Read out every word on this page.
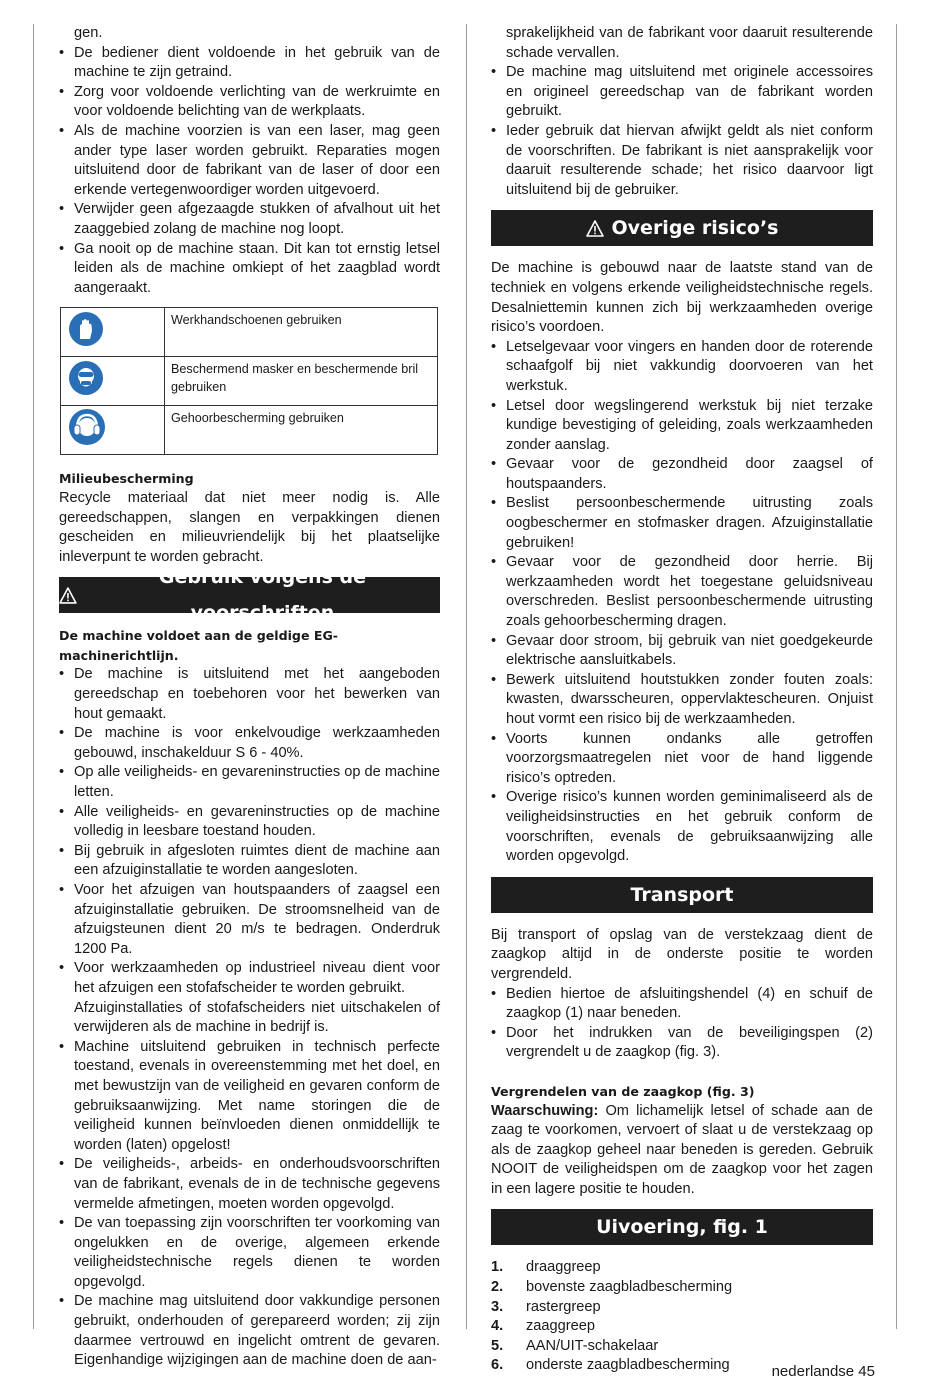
gen.
• De bediener dient voldoende in het gebruik van de machine te zijn getraind.
• Zorg voor voldoende verlichting van de werkruimte en voor voldoende belichting van de werkplaats.
• Als de machine voorzien is van een laser, mag geen ander type laser worden gebruikt. Reparaties mogen uitsluitend door de fabrikant van de laser of door een erkende vertegenwoordiger worden uitgevoerd.
• Verwijder geen afgezaagde stukken of afvalhout uit het zaaggebied zolang de machine nog loopt.
• Ga nooit op de machine staan. Dit kan tot ernstig letsel leiden als de machine omkiept of het zaagblad wordt aangeraakt.
	Werkhandschoenen gebruiken
	Beschermend masker en beschermende bril gebruiken
	Gehoorbescherming gebruiken
Milieubescherming

Recycle materiaal dat niet meer nodig is. Alle gereedschappen, slangen en verpakkingen dienen gescheiden en milieuvriendelijk bij het plaatselijke inleverpunt te worden gebracht.

Gebruik volgens de voorschriften
De machine voldoet aan de geldige EG-machinerichtlijn.
• De machine is uitsluitend met het aangeboden gereedschap en toebehoren voor het bewerken van hout gemaakt.
• De machine is voor enkelvoudige werkzaamheden gebouwd, inschakelduur S 6 - 40%.
• Op alle veiligheids- en gevareninstructies op de machine letten.
• Alle veiligheids- en gevareninstructies op de machine volledig in leesbare toestand houden.
• Bij gebruik in afgesloten ruimtes dient de machine aan een afzuiginstallatie te worden aangesloten.
• Voor het afzuigen van houtspaanders of zaagsel een afzuiginstallatie gebruiken. De stroomsnelheid van de afzuigsteunen dient 20 m/s te bedragen. Onderdruk 1200 Pa.
• Voor werkzaamheden op industrieel niveau dient voor het afzuigen een stofafscheider te worden gebruikt.
Afzuiginstallaties of stofafscheiders niet uitschakelen of verwijderen als de machine in bedrijf is.
• Machine uitsluitend gebruiken in technisch perfecte toestand, evenals in overeenstemming met het doel, en met bewustzijn van de veiligheid en gevaren conform de gebruiksaanwijzing. Met name storingen die de veiligheid kunnen beïnvloeden dienen onmiddellijk te worden (laten) opgelost!
• De veiligheids-, arbeids- en onderhoudsvoorschriften van de fabrikant, evenals de in de technische gegevens vermelde afmetingen, moeten worden opgevolgd.
• De van toepassing zijn voorschriften ter voorkoming van ongelukken en de overige, algemeen erkende veiligheidstechnische regels dienen te worden opgevolgd.
• De machine mag uitsluitend door vakkundige personen gebruikt, onderhouden of gerepareerd worden; zij zijn daarmee vertrouwd en ingelicht omtrent de gevaren. Eigenhandige wijzigingen aan de machine doen de aan-
sprakelijkheid van de fabrikant voor daaruit resulterende schade vervallen.
• De machine mag uitsluitend met originele accessoires en origineel gereedschap van de fabrikant worden gebruikt.
• Ieder gebruik dat hiervan afwijkt geldt als niet conform de voorschriften. De fabrikant is niet aansprakelijk voor daaruit resulterende schade; het risico daarvoor ligt uitsluitend bij de gebruiker.
Overige risico’s

De machine is gebouwd naar de laatste stand van de techniek en volgens erkende veiligheidstechnische regels. Desalniettemin kunnen zich bij werkzaamheden overige risico’s voordoen.

• Letselgevaar voor vingers en handen door de roterende schaafgolf bij niet vakkundig doorvoeren van het werkstuk.
• Letsel door wegslingerend werkstuk bij niet terzake kundige bevestiging of geleiding, zoals werkzaamheden zonder aanslag.
• Gevaar voor de gezondheid door zaagsel of houtspaanders.
• Beslist persoonbeschermende uitrusting zoals oogbeschermer en stofmasker dragen. Afzuiginstallatie gebruiken!
• Gevaar voor de gezondheid door herrie. Bij werkzaamheden wordt het toegestane geluidsniveau overschreden. Beslist persoonbeschermende uitrusting zoals gehoorbescherming dragen.
• Gevaar door stroom, bij gebruik van niet goedgekeurde elektrische aansluitkabels.
• Bewerk uitsluitend houtstukken zonder fouten zoals: kwasten, dwarsscheuren, oppervlaktescheuren. Onjuist hout vormt een risico bij de werkzaamheden.
• Voorts kunnen ondanks alle getroffen voorzorgsmaatregelen niet voor de hand liggende risico’s optreden.
• Overige risico’s kunnen worden geminimaliseerd als de veiligheidsinstructies en het gebruik conform de voorschriften, evenals de gebruiksaanwijzing alle worden opgevolgd.
Transport

Bij transport of opslag van de verstekzaag dient de zaagkop altijd in de onderste positie te worden vergrendeld.

• Bedien hiertoe de afsluitingshendel (4) en schuif de zaagkop (1) naar beneden.
• Door het indrukken van de beveiligingspen (2) vergrendelt u de zaagkop (fig. 3).
Vergrendelen van de zaagkop (fig. 3)

Waarschuwing: Om lichamelijk letsel of schade aan de zaag te voorkomen, vervoert of slaat u de verstekzaag op als de zaagkop geheel naar beneden is gereden. Gebruik NOOIT de veiligheidspen om de zaagkop voor het zagen in een lagere positie te houden.

Uivoering, fig. 1
1.	draaggreep
2.	bovenste zaagbladbescherming
3.	rastergreep
4.	zaaggreep
5.	AAN/UIT-schakelaar
6.	onderste zaagbladbescherming	nederlandse 45
